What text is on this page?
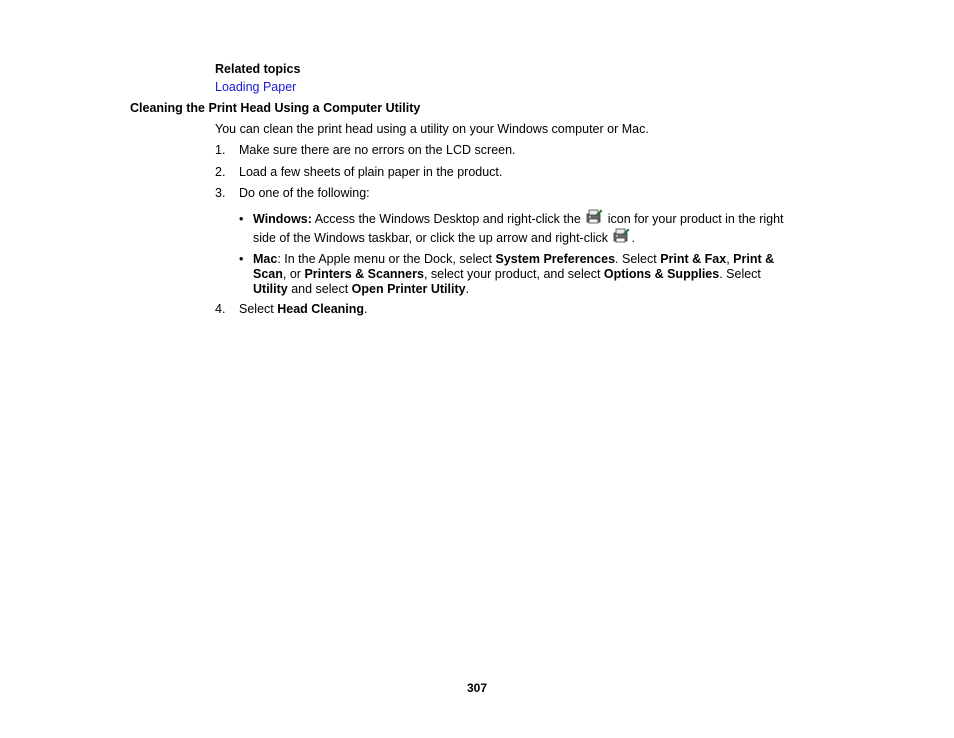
Related topics
Loading Paper
Cleaning the Print Head Using a Computer Utility
You can clean the print head using a utility on your Windows computer or Mac.
1. Make sure there are no errors on the LCD screen.
2. Load a few sheets of plain paper in the product.
3. Do one of the following:
• Windows: Access the Windows Desktop and right-click the  icon for your product in the right
side of the Windows taskbar, or click the up arrow and right-click .
• Mac: In the Apple menu or the Dock, select System Preferences. Select Print & Fax, Print &
Scan, or Printers & Scanners, select your product, and select Options & Supplies. Select
Utility and select Open Printer Utility.
4. Select Head Cleaning.
307
